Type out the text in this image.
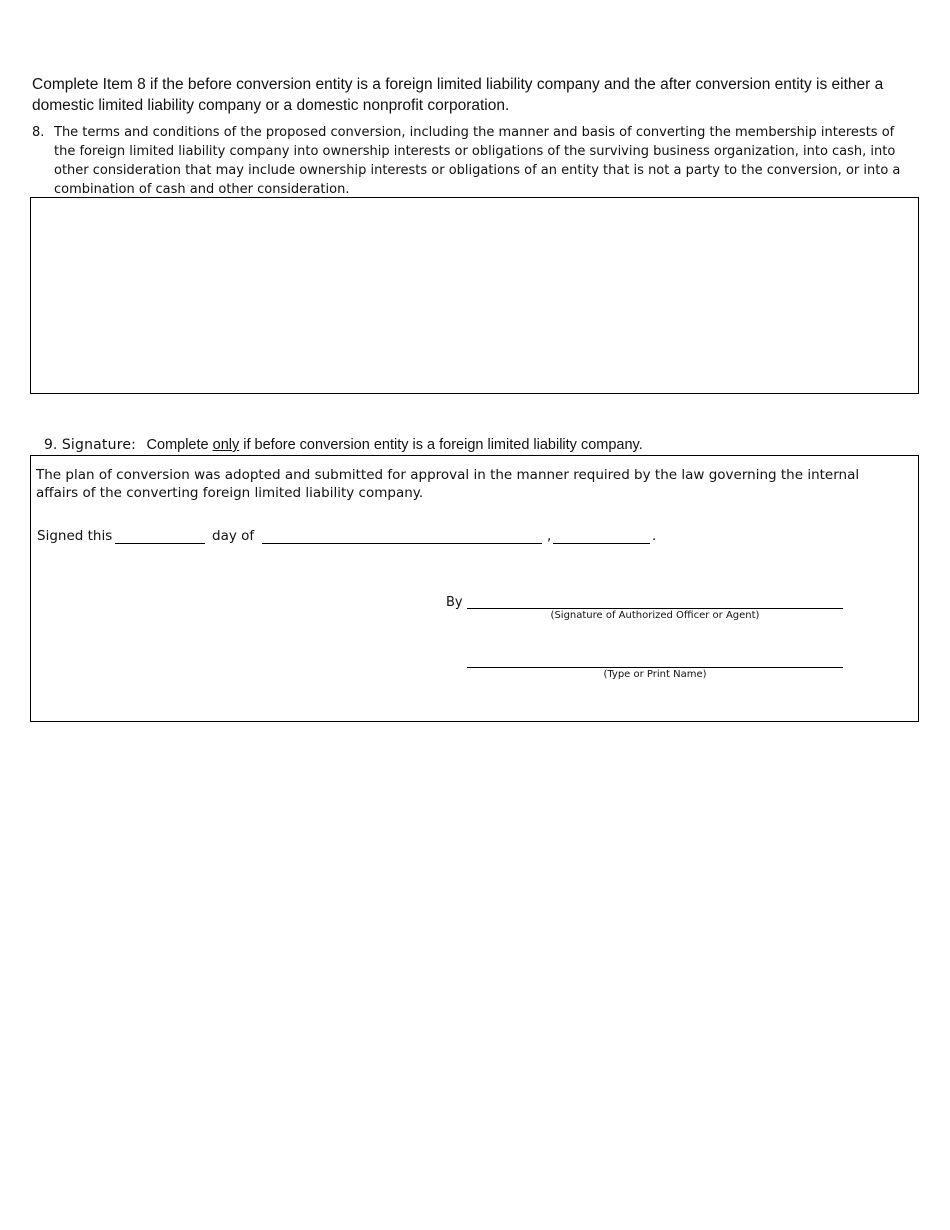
Complete Item 8 if the before conversion entity is a foreign limited liability company and the after conversion entity is either a domestic limited liability company or a domestic nonprofit corporation.

8. The terms and conditions of the proposed conversion, including the manner and basis of converting the membership interests of the foreign limited liability company into ownership interests or obligations of the surviving business organization, into cash, into other consideration that may include ownership interests or obligations of an entity that is not a party to the conversion, or into a combination of cash and other consideration.
9. Signature: Complete only if before conversion entity is a foreign limited liability company.

The plan of conversion was adopted and submitted for approval in the manner required by the law governing the internal affairs of the converting foreign limited liability company.

Signed this	day of	,	.
By
(Signature of Authorized Officer or Agent)
(Type or Print Name)
